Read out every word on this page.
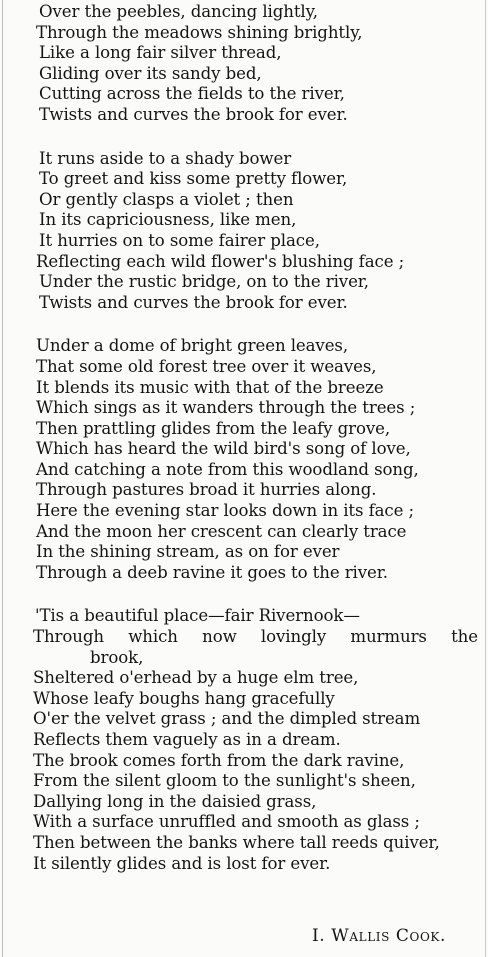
Over the peebles, dancing lightly,
Through the meadows shining brightly,
Like a long fair silver thread,
Gliding over its sandy bed,
Cutting across the fields to the river,
Twists and curves the brook for ever.
It runs aside to a shady bower
To greet and kiss some pretty flower,
Or gently clasps a violet ; then
In its capriciousness, like men,
It hurries on to some fairer place,
Reflecting each wild flower's blushing face ;
Under the rustic bridge, on to the river,
Twists and curves the brook for ever.
Under a dome of bright green leaves,
That some old forest tree over it weaves,
It blends its music with that of the breeze
Which sings as it wanders through the trees ;
Then prattling glides from the leafy grove,
Which has heard the wild bird's song of love,
And catching a note from this woodland song,
Through pastures broad it hurries along.
Here the evening star looks down in its face ;
And the moon her crescent can clearly trace
In the shining stream, as on for ever
Through a deeb ravine it goes to the river.
'Tis a beautiful place—fair Rivernook—
Through which now lovingly murmurs the
brook,
Sheltered o'erhead by a huge elm tree,
Whose leafy boughs hang gracefully
O'er the velvet grass ; and the dimpled stream
Reflects them vaguely as in a dream.
The brook comes forth from the dark ravine,
From the silent gloom to the sunlight's sheen,
Dallying long in the daisied grass,
With a surface unruffled and smooth as glass ;
Then between the banks where tall reeds quiver,
It silently glides and is lost for ever.
I. Wallis Cook.
